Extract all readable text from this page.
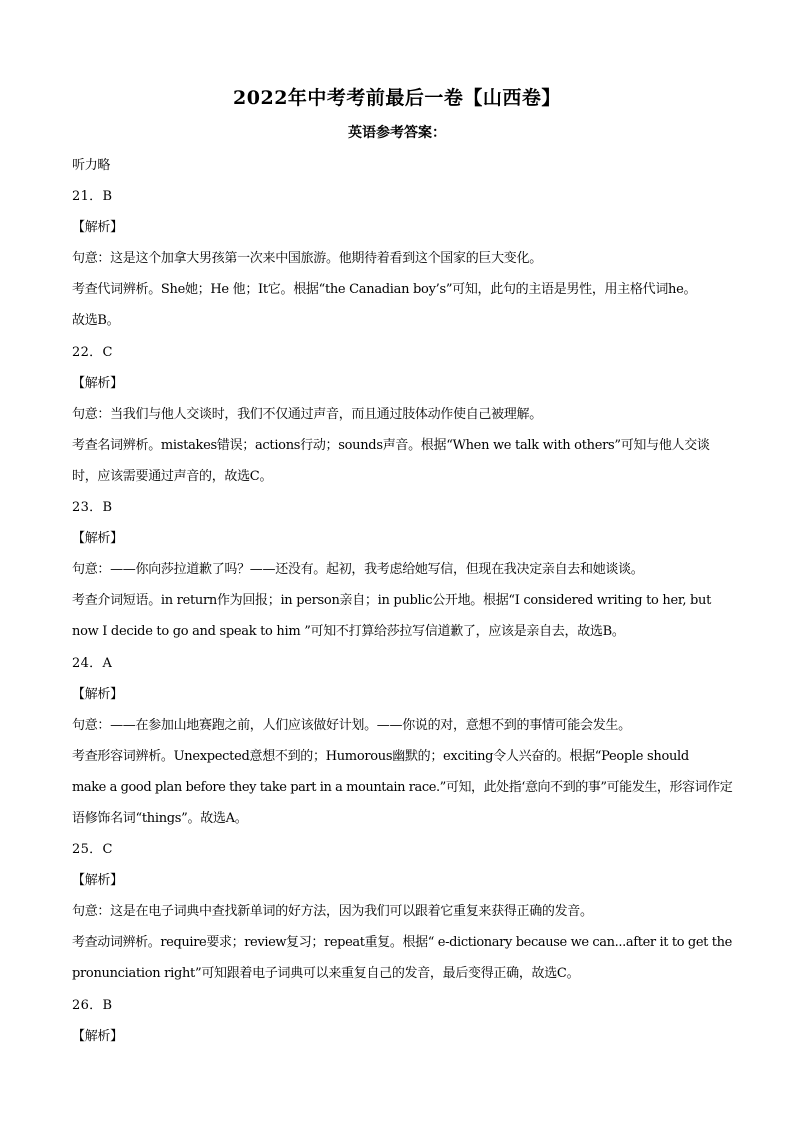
2022年中考考前最后一卷【山西卷】
英语参考答案：
听力略
21．B
【解析】
句意：这是这个加拿大男孩第一次来中国旅游。他期待着看到这个国家的巨大变化。
考查代词辨析。She她；He 他；It它。根据“the Canadian boy’s”可知，此句的主语是男性，用主格代词he。
故选B。
22．C
【解析】
句意：当我们与他人交谈时，我们不仅通过声音，而且通过肢体动作使自己被理解。
考查名词辨析。mistakes错误；actions行动；sounds声音。根据“When we talk with others”可知与他人交谈
时，应该需要通过声音的，故选C。
23．B
【解析】
句意：——你向莎拉道歉了吗？——还没有。起初，我考虑给她写信，但现在我决定亲自去和她谈谈。
考查介词短语。in return作为回报；in person亲自；in public公开地。根据“I considered writing to her, but
now I decide to go and speak to him ”可知不打算给莎拉写信道歉了，应该是亲自去，故选B。
24．A
【解析】
句意：——在参加山地赛跑之前，人们应该做好计划。——你说的对，意想不到的事情可能会发生。
考查形容词辨析。Unexpected意想不到的；Humorous幽默的；exciting令人兴奋的。根据“People should
make a good plan before they take part in a mountain race.”可知，此处指‘意向不到的事”可能发生，形容词作定
语修饰名词“things”。故选A。
25．C
【解析】
句意：这是在电子词典中查找新单词的好方法，因为我们可以跟着它重复来获得正确的发音。
考查动词辨析。require要求；review复习；repeat重复。根据“ e-dictionary because we can...after it to get the
pronunciation right”可知跟着电子词典可以来重复自己的发音，最后变得正确，故选C。
26．B
【解析】
